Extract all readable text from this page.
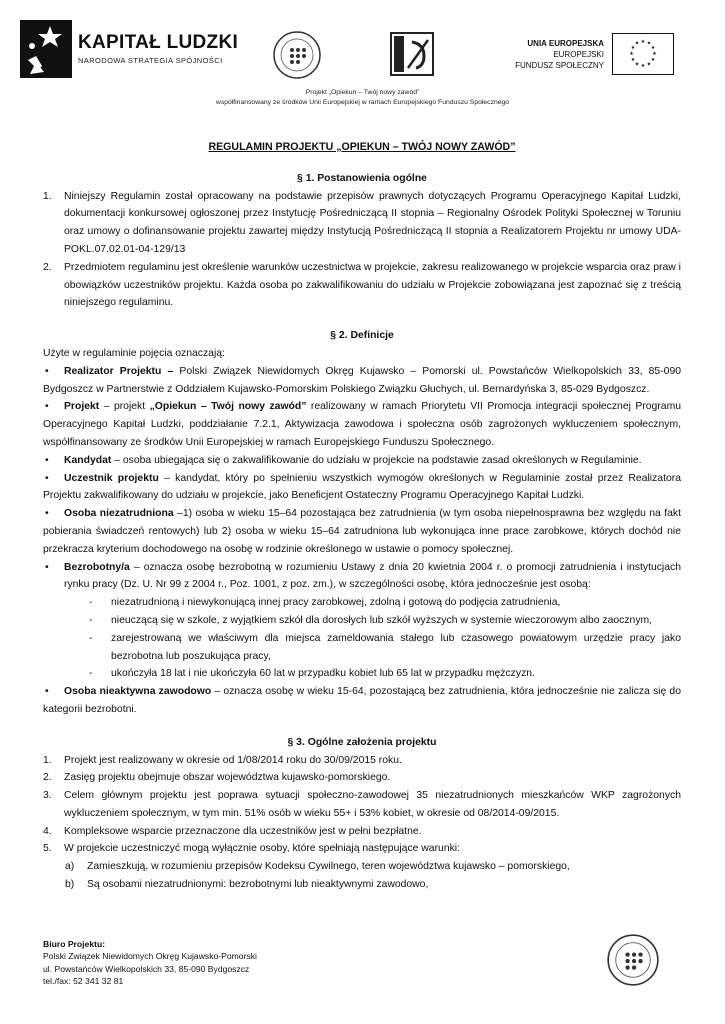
KAPITAŁ LUDZKI
NARODOWA STRATEGIA SPÓJNOŚCI
UNIA EUROPEJSKA
EUROPEJSKI
FUNDUSZ SPOŁECZNY
★ ★
★
★
★
★
★
★
★
★
★
★
Projekt „Opiekun – Twój nowy zawód”
współfinansowany ze środków Unii Europejskiej w ramach Europejskiego Funduszu Społecznego

REGULAMIN PROJEKTU „OPIEKUN – TWÓJ NOWY ZAWÓD”

§ 1. Postanowienia ogólne

1. Niniejszy Regulamin został opracowany na podstawie przepisów prawnych dotyczących Programu Operacyjnego Kapitał Ludzki, dokumentacji konkursowej ogłoszonej przez Instytucję Pośredniczącą II stopnia – Regionalny Ośrodek Polityki Społecznej w Toruniu oraz umowy o dofinansowanie projektu zawartej między Instytucją Pośredniczącą II stopnia a Realizatorem Projektu nr umowy UDA-POKL.07.02.01-04-129/13
2. Przedmiotem regulaminu jest określenie warunków uczestnictwa w projekcie, zakresu realizowanego w projekcie wsparcia oraz praw i obowiązków uczestników projektu. Każda osoba po zakwalifikowaniu do udziału w Projekcie zobowiązana jest zapoznać się z treścią niniejszego regulaminu.

§ 2. Definicje

Użyte w regulaminie pojęcia oznaczają:

• Realizator Projektu – Polski Związek Niewidomych Okręg Kujawsko – Pomorski ul. Powstańców Wielkopolskich 33, 85-090 Bydgoszcz w Partnerstwie z Oddziałem Kujawsko-Pomorskim Polskiego Związku Głuchych, ul. Bernardyńska 3, 85-029 Bydgoszcz.
• Projekt – projekt „Opiekun – Twój nowy zawód” realizowany w ramach Priorytetu VII Promocja integracji społecznej Programu Operacyjnego Kapitał Ludzki, poddziałanie 7.2.1, Aktywizacja zawodowa i społeczna osób zagrożonych wykluczeniem społecznym, współfinansowany ze środków Unii Europejskiej w ramach Europejskiego Funduszu Społecznego.
• Kandydat – osoba ubiegająca się o zakwalifikowanie do udziału w projekcie na podstawie zasad określonych w Regulaminie.
• Uczestnik projektu – kandydat, który po spełnieniu wszystkich wymogów określonych w Regulaminie został przez Realizatora Projektu zakwalifikowany do udziału w projekcie, jako Beneficjent Ostateczny Programu Operacyjnego Kapitał Ludzki.
• Osoba niezatrudniona –1) osoba w wieku 15–64 pozostająca bez zatrudnienia (w tym osoba niepełnosprawna bez względu na fakt pobierania świadczeń rentowych) lub 2) osoba w wieku 15–64 zatrudniona lub wykonująca inne prace zarobkowe, których dochód nie przekracza kryterium dochodowego na osobę w rodzinie określonego w ustawie o pomocy społecznej.
• Bezrobotny/a – oznacza osobę bezrobotną w rozumieniu Ustawy z dnia 20 kwietnia 2004 r. o promocji zatrudnienia i instytucjach rynku pracy (Dz. U. Nr 99 z 2004 r., Poz. 1001, z poz. zm.), w szczególności osobę, która jednocześnie jest osobą:
- niezatrudnioną i niewykonującą innej pracy zarobkowej, zdolną i gotową do podjęcia zatrudnienia,
- nieuczącą się w szkole, z wyjątkiem szkół dla dorosłych lub szkół wyższych w systemie wieczorowym albo zaocznym,
- zarejestrowaną we właściwym dla miejsca zameldowania stałego lub czasowego powiatowym urzędzie pracy jako bezrobotna lub poszukująca pracy,
- ukończyła 18 lat i nie ukończyła 60 lat w przypadku kobiet lub 65 lat w przypadku mężczyzn.
• Osoba nieaktywna zawodowo – oznacza osobę w wieku 15-64, pozostającą bez zatrudnienia, która jednocześnie nie zalicza się do kategorii bezrobotni.

§ 3. Ogólne założenia projektu

1. Projekt jest realizowany w okresie od 1/08/2014 roku do 30/09/2015 roku.
2. Zasięg projektu obejmuje obszar województwa kujawsko-pomorskiego.
3. Celem głównym projektu jest poprawa sytuacji społeczno-zawodowej 35 niezatrudnionych mieszkańców WKP zagrożonych wykluczeniem społecznym, w tym min. 51% osób w wieku 55+ i 53% kobiet, w okresie od 08/2014-09/2015.
4. Kompleksowe wsparcie przeznaczone dla uczestników jest w pełni bezpłatne.
5. W projekcie uczestniczyć mogą wyłącznie osoby, które spełniają następujące warunki:
a) Zamieszkują, w rozumieniu przepisów Kodeksu Cywilnego, teren województwa kujawsko – pomorskiego,
b) Są osobami niezatrudnionymi: bezrobotnymi lub nieaktywnymi zawodowo,
Biuro Projektu:
Polski Związek Niewidomych Okręg Kujawsko-Pomorski
ul. Powstańców Wielkopolskich 33, 85-090 Bydgoszcz
tel./fax: 52 341 32 81
